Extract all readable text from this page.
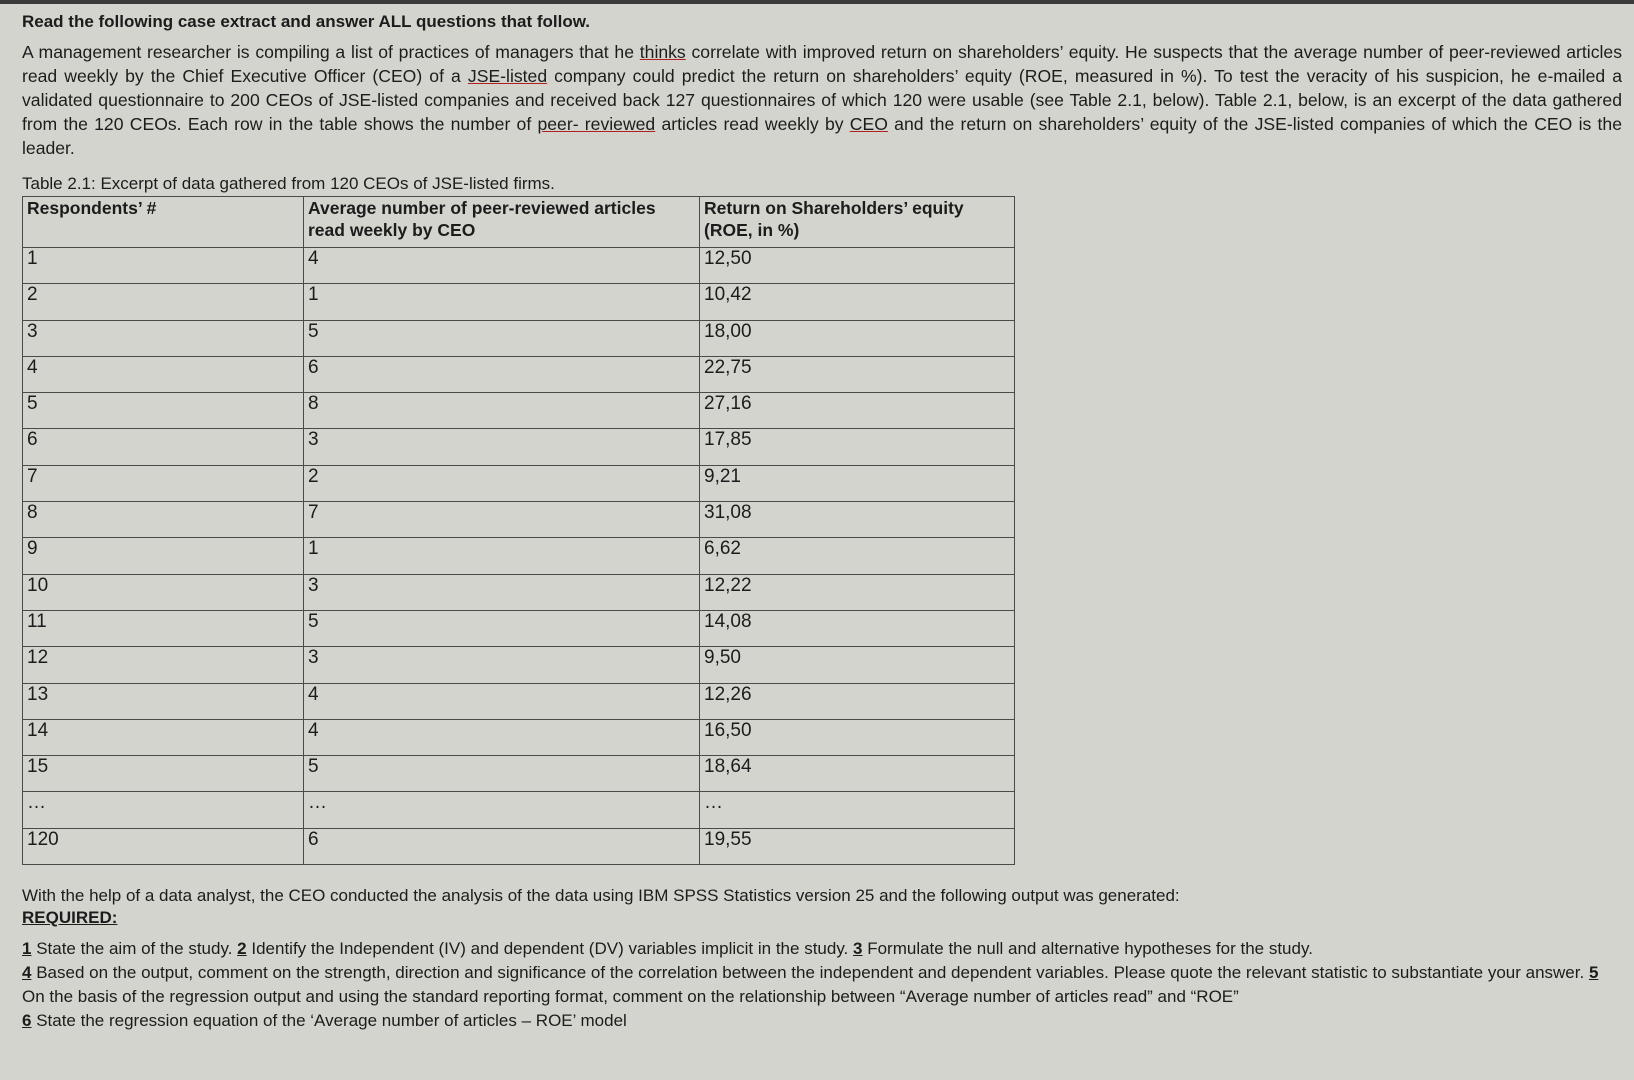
Read the following case extract and answer ALL questions that follow.
A management researcher is compiling a list of practices of managers that he thinks correlate with improved return on shareholders’ equity. He suspects that the average number of peer-reviewed articles read weekly by the Chief Executive Officer (CEO) of a JSE-listed company could predict the return on shareholders’ equity (ROE, measured in %). To test the veracity of his suspicion, he e-mailed a validated questionnaire to 200 CEOs of JSE-listed companies and received back 127 questionnaires of which 120 were usable (see Table 2.1, below). Table 2.1, below, is an excerpt of the data gathered from the 120 CEOs. Each row in the table shows the number of peer- reviewed articles read weekly by CEO and the return on shareholders’ equity of the JSE-listed companies of which the CEO is the leader.
Table 2.1: Excerpt of data gathered from 120 CEOs of JSE-listed firms.
Respondents’ #	Average number of peer-reviewed articles read weekly by CEO	Return on Shareholders’ equity (ROE, in %)
1	4	12,50
2	1	10,42
3	5	18,00
4	6	22,75
5	8	27,16
6	3	17,85
7	2	9,21
8	7	31,08
9	1	6,62
10	3	12,22
11	5	14,08
12	3	9,50
13	4	12,26
14	4	16,50
15	5	18,64
…	…	…
120	6	19,55
With the help of a data analyst, the CEO conducted the analysis of the data using IBM SPSS Statistics version 25 and the following output was generated:
REQUIRED:
1 State the aim of the study. 2 Identify the Independent (IV) and dependent (DV) variables implicit in the study. 3 Formulate the null and alternative hypotheses for the study.
4 Based on the output, comment on the strength, direction and significance of the correlation between the independent and dependent variables. Please quote the relevant statistic to substantiate your answer. 5 On the basis of the regression output and using the standard reporting format, comment on the relationship between “Average number of articles read” and “ROE”
6 State the regression equation of the ‘Average number of articles – ROE’ model
